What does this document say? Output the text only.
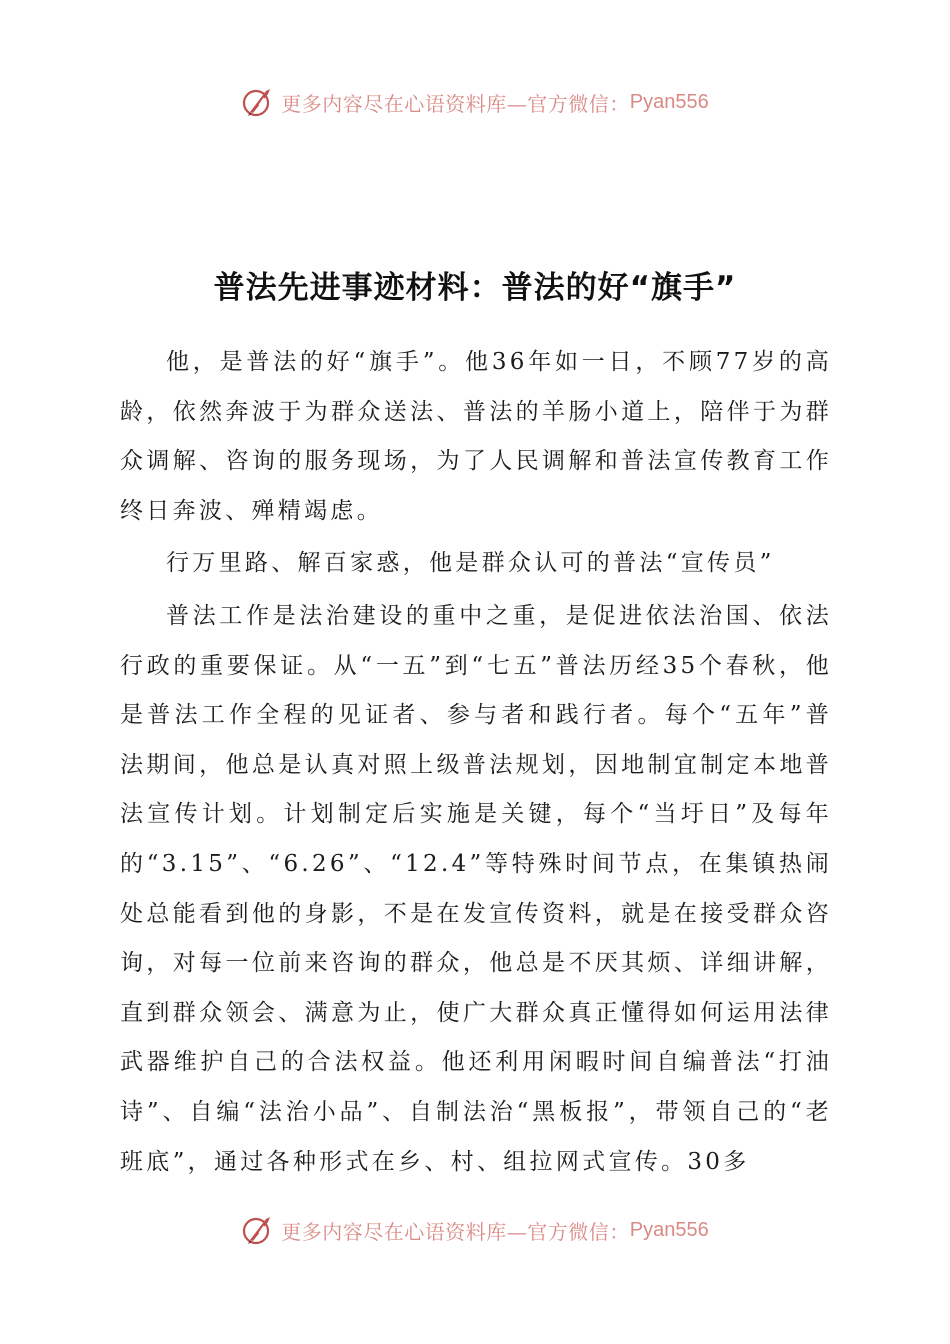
更多内容尽在心语资料库—官方微信： Pyan556
普法先进事迹材料：普法的好“旗手”

他，是普法的好“旗手”。他36年如一日，不顾77岁的高龄，依然奔波于为群众送法、普法的羊肠小道上，陪伴于为群众调解、咨询的服务现场，为了人民调解和普法宣传教育工作终日奔波、殚精竭虑。

行万里路、解百家惑，他是群众认可的普法“宣传员”

普法工作是法治建设的重中之重，是促进依法治国、依法行政的重要保证。从“一五”到“七五”普法历经35个春秋，他是普法工作全程的见证者、参与者和践行者。每个“五年”普法期间，他总是认真对照上级普法规划，因地制宜制定本地普法宣传计划。计划制定后实施是关键，每个“当圩日”及每年的“3.15”、“6.26”、“12.4”等特殊时间节点，在集镇热闹处总能看到他的身影，不是在发宣传资料，就是在接受群众咨询，对每一位前来咨询的群众，他总是不厌其烦、详细讲解，直到群众领会、满意为止，使广大群众真正懂得如何运用法律武器维护自己的合法权益。他还利用闲暇时间自编普法“打油诗”、自编“法治小品”、自制法治“黑板报”，带领自己的“老班底”，通过各种形式在乡、村、组拉网式宣传。30多

更多内容尽在心语资料库—官方微信： Pyan556
